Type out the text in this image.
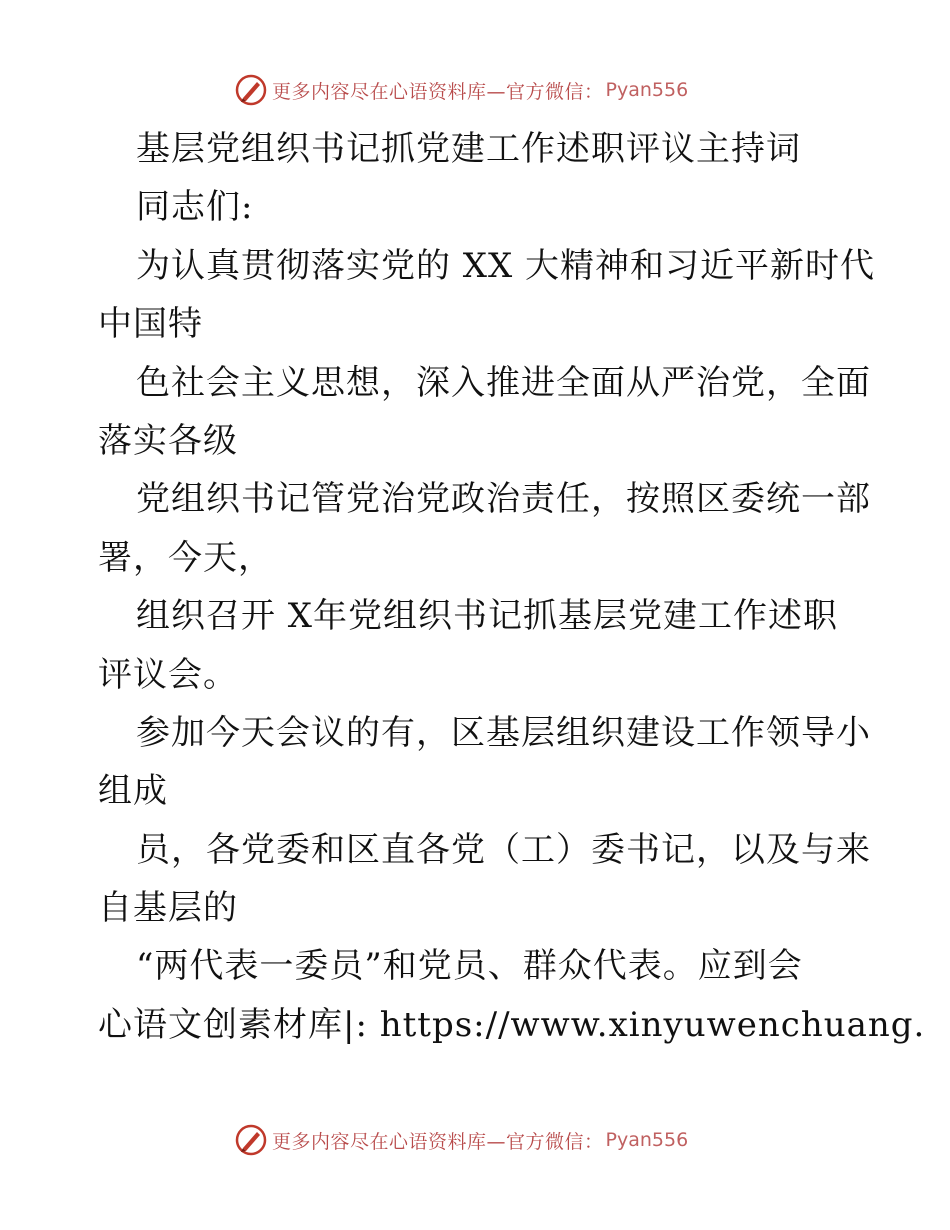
更多内容尽在心语资料库—官方微信： Pyan556
基层党组织书记抓党建工作述职评议主持词
同志们:
为认真贯彻落实党的 XX 大精神和习近平新时代
中国特
色社会主义思想，深入推进全面从严治党，全面
落实各级
党组织书记管党治党政治责任，按照区委统一部
署，今天，
组织召开 X年党组织书记抓基层党建工作述职
评议会。
参加今天会议的有，区基层组织建设工作领导小
组成
员，各党委和区直各党（工）委书记，以及与来
自基层的
“两代表一委员”和党员、群众代表。应到会
心语文创素材库|: https://www.xinyuwenchuang.
更多内容尽在心语资料库—官方微信： Pyan556
